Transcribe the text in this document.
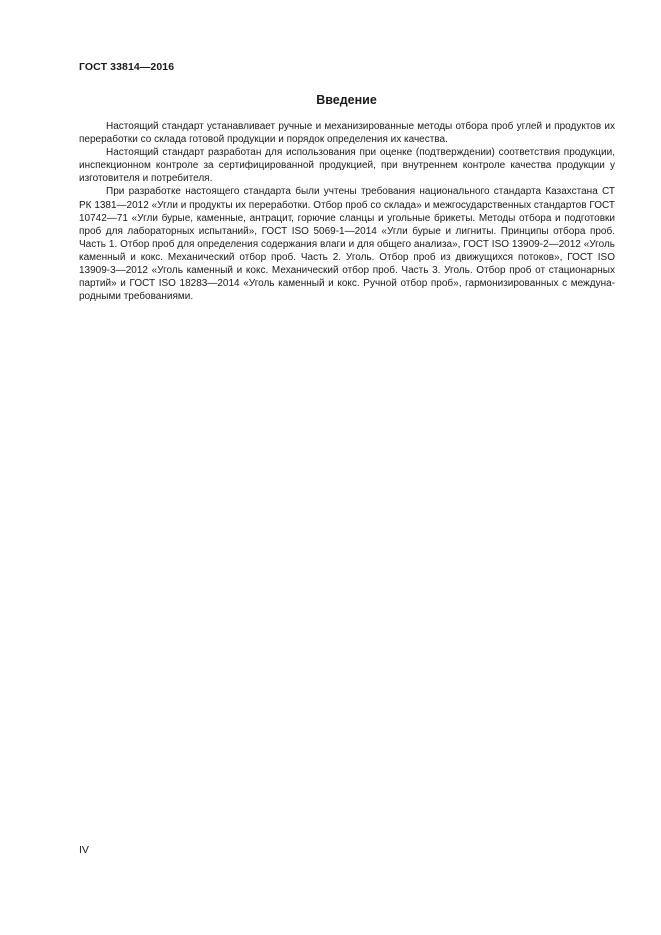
ГОСТ 33814—2016
Введение

Настоящий стандарт устанавливает ручные и механизированные методы отбора проб углей и продуктов их переработки со склада готовой продукции и порядок определения их качества.

Настоящий стандарт разработан для использования при оценке (подтверждении) соответствия продукции, инспекционном контроле за сертифицированной продукцией, при внутреннем контроле качества продукции у изготовителя и потребителя.

При разработке настоящего стандарта были учтены требования национального стандарта Казахстана СТ РК 1381—2012 «Угли и продукты их переработки. Отбор проб со склада» и межгосударственных стандартов ГОСТ 10742—71 «Угли бурые, каменные, антрацит, горючие сланцы и угольные брикеты. Методы отбора и подготовки проб для лабораторных испытаний», ГОСТ ISO 5069-1—2014 «Угли бурые и лигниты. Принципы отбора проб. Часть 1. Отбор проб для определения содержания влаги и для общего анализа», ГОСТ ISO 13909-2—2012 «Уголь каменный и кокс. Механический отбор проб. Часть 2. Уголь. Отбор проб из движущихся потоков», ГОСТ ISO 13909-3—2012 «Уголь каменный и кокс. Механический отбор проб. Часть 3. Уголь. Отбор проб от стационарных партий» и ГОСТ ISO 18283—2014 «Уголь каменный и кокс. Ручной отбор проб», гармонизированных с международными требованиями.

IV
